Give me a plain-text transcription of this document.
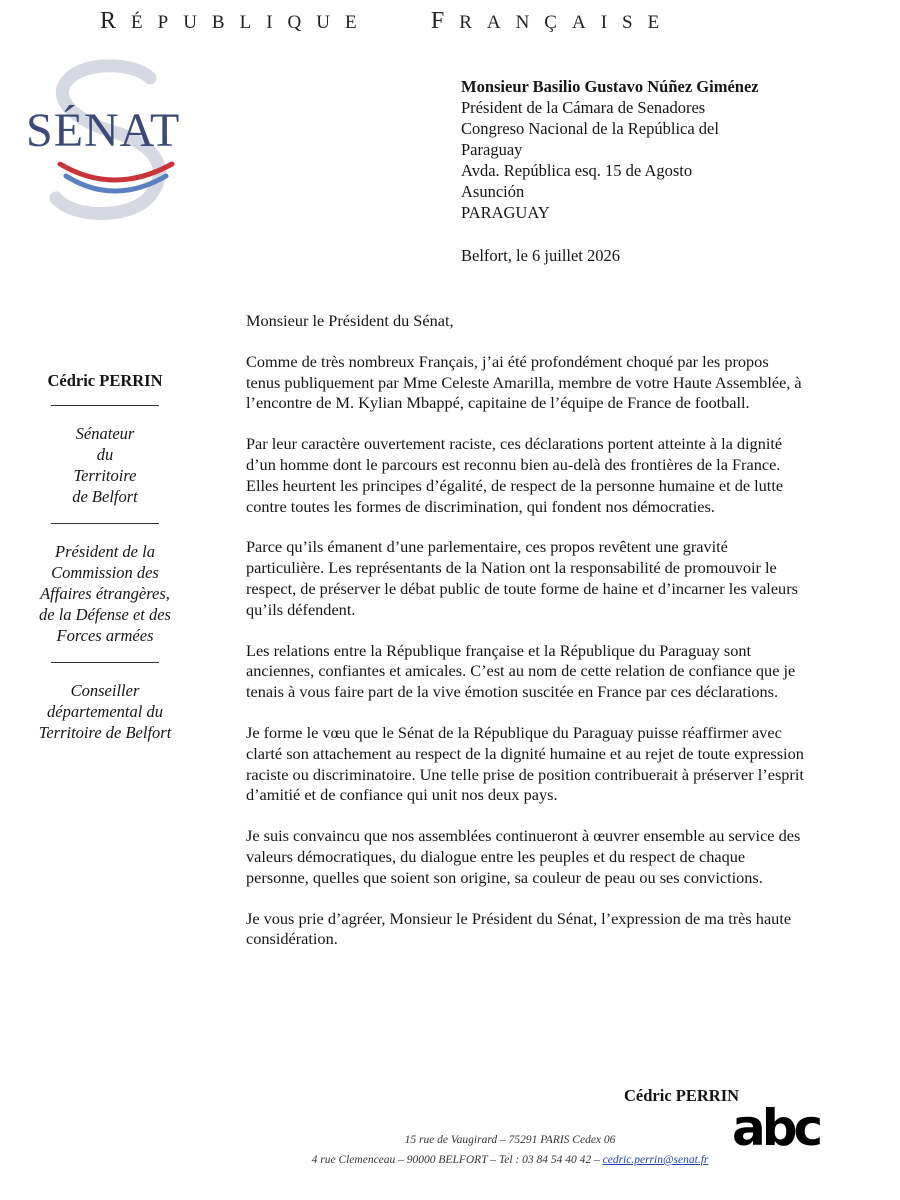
RÉPUBLIQUE FRANÇAISE
SÉNAT
Monsieur Basilio Gustavo Núñez Giménez
Président de la Cámara de Senadores
Congreso Nacional de la República del
Paraguay
Avda. República esq. 15 de Agosto
Asunción
PARAGUAY
Belfort, le 6 juillet 2026
Cédric PERRIN
Sénateur
du
Territoire
de Belfort
Président de la
Commission des
Affaires étrangères,
de la Défense et des
Forces armées
Conseiller
départemental du
Territoire de Belfort

Monsieur le Président du Sénat,

Comme de très nombreux Français, j’ai été profondément choqué par les propos tenus publiquement par Mme Celeste Amarilla, membre de votre Haute Assemblée, à l’encontre de M. Kylian Mbappé, capitaine de l’équipe de France de football.

Par leur caractère ouvertement raciste, ces déclarations portent atteinte à la dignité d’un homme dont le parcours est reconnu bien au-delà des frontières de la France. Elles heurtent les principes d’égalité, de respect de la personne humaine et de lutte contre toutes les formes de discrimination, qui fondent nos démocraties.

Parce qu’ils émanent d’une parlementaire, ces propos revêtent une gravité particulière. Les représentants de la Nation ont la responsabilité de promouvoir le respect, de préserver le débat public de toute forme de haine et d’incarner les valeurs qu’ils défendent.

Les relations entre la République française et la République du Paraguay sont anciennes, confiantes et amicales. C’est au nom de cette relation de confiance que je tenais à vous faire part de la vive émotion suscitée en France par ces déclarations.

Je forme le vœu que le Sénat de la République du Paraguay puisse réaffirmer avec clarté son attachement au respect de la dignité humaine et au rejet de toute expression raciste ou discriminatoire. Une telle prise de position contribuerait à préserver l’esprit d’amitié et de confiance qui unit nos deux pays.

Je suis convaincu que nos assemblées continueront à œuvrer ensemble au service des valeurs démocratiques, du dialogue entre les peuples et du respect de chaque personne, quelles que soient son origine, sa couleur de peau ou ses convictions.

Je vous prie d’agréer, Monsieur le Président du Sénat, l’expression de ma très haute considération.

Cédric PERRIN
15 rue de Vaugirard – 75291 PARIS Cedex 06
4 rue Clemenceau – 90000 BELFORT – Tel : 03 84 54 40 42 – cedric.perrin@senat.fr
abc
